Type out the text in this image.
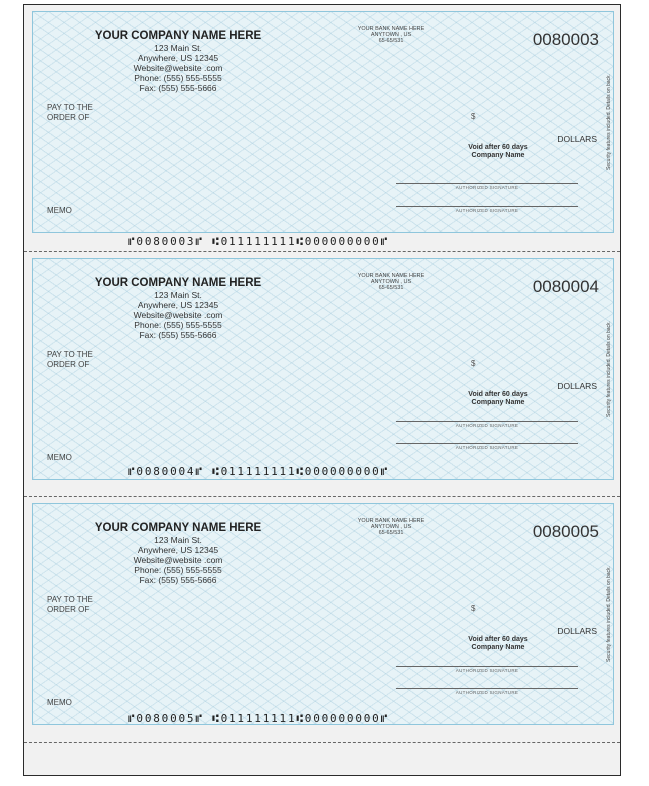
YOUR COMPANY NAME HERE
123 Main St.
Anywhere, US 12345
Website@website .com
Phone: (555) 555-5555
Fax: (555) 555-5666
YOUR BANK NAME HERE
ANYTOWN , US
65-65/531	0080003
PAY TO THE
ORDER OF	$
DOLLARS
Void after 60 days
Company Name
AUTHORIZED SIGNATURE
AUTHORIZED SIGNATURE
MEMO
Security features included. Details on back.
⑈0080003⑈ ⑆011111111⑆000000000⑈
YOUR COMPANY NAME HERE
123 Main St.
Anywhere, US 12345
Website@website .com
Phone: (555) 555-5555
Fax: (555) 555-5666
YOUR BANK NAME HERE
ANYTOWN , US
65-65/531	0080004
PAY TO THE
ORDER OF	$
DOLLARS
Void after 60 days
Company Name
AUTHORIZED SIGNATURE
AUTHORIZED SIGNATURE
MEMO
Security features included. Details on back.
⑈0080004⑈ ⑆011111111⑆000000000⑈
YOUR COMPANY NAME HERE
123 Main St.
Anywhere, US 12345
Website@website .com
Phone: (555) 555-5555
Fax: (555) 555-5666
YOUR BANK NAME HERE
ANYTOWN , US
65-65/531	0080005
PAY TO THE
ORDER OF	$
DOLLARS
Void after 60 days
Company Name
AUTHORIZED SIGNATURE
AUTHORIZED SIGNATURE
MEMO
Security features included. Details on back.
⑈0080005⑈ ⑆011111111⑆000000000⑈
